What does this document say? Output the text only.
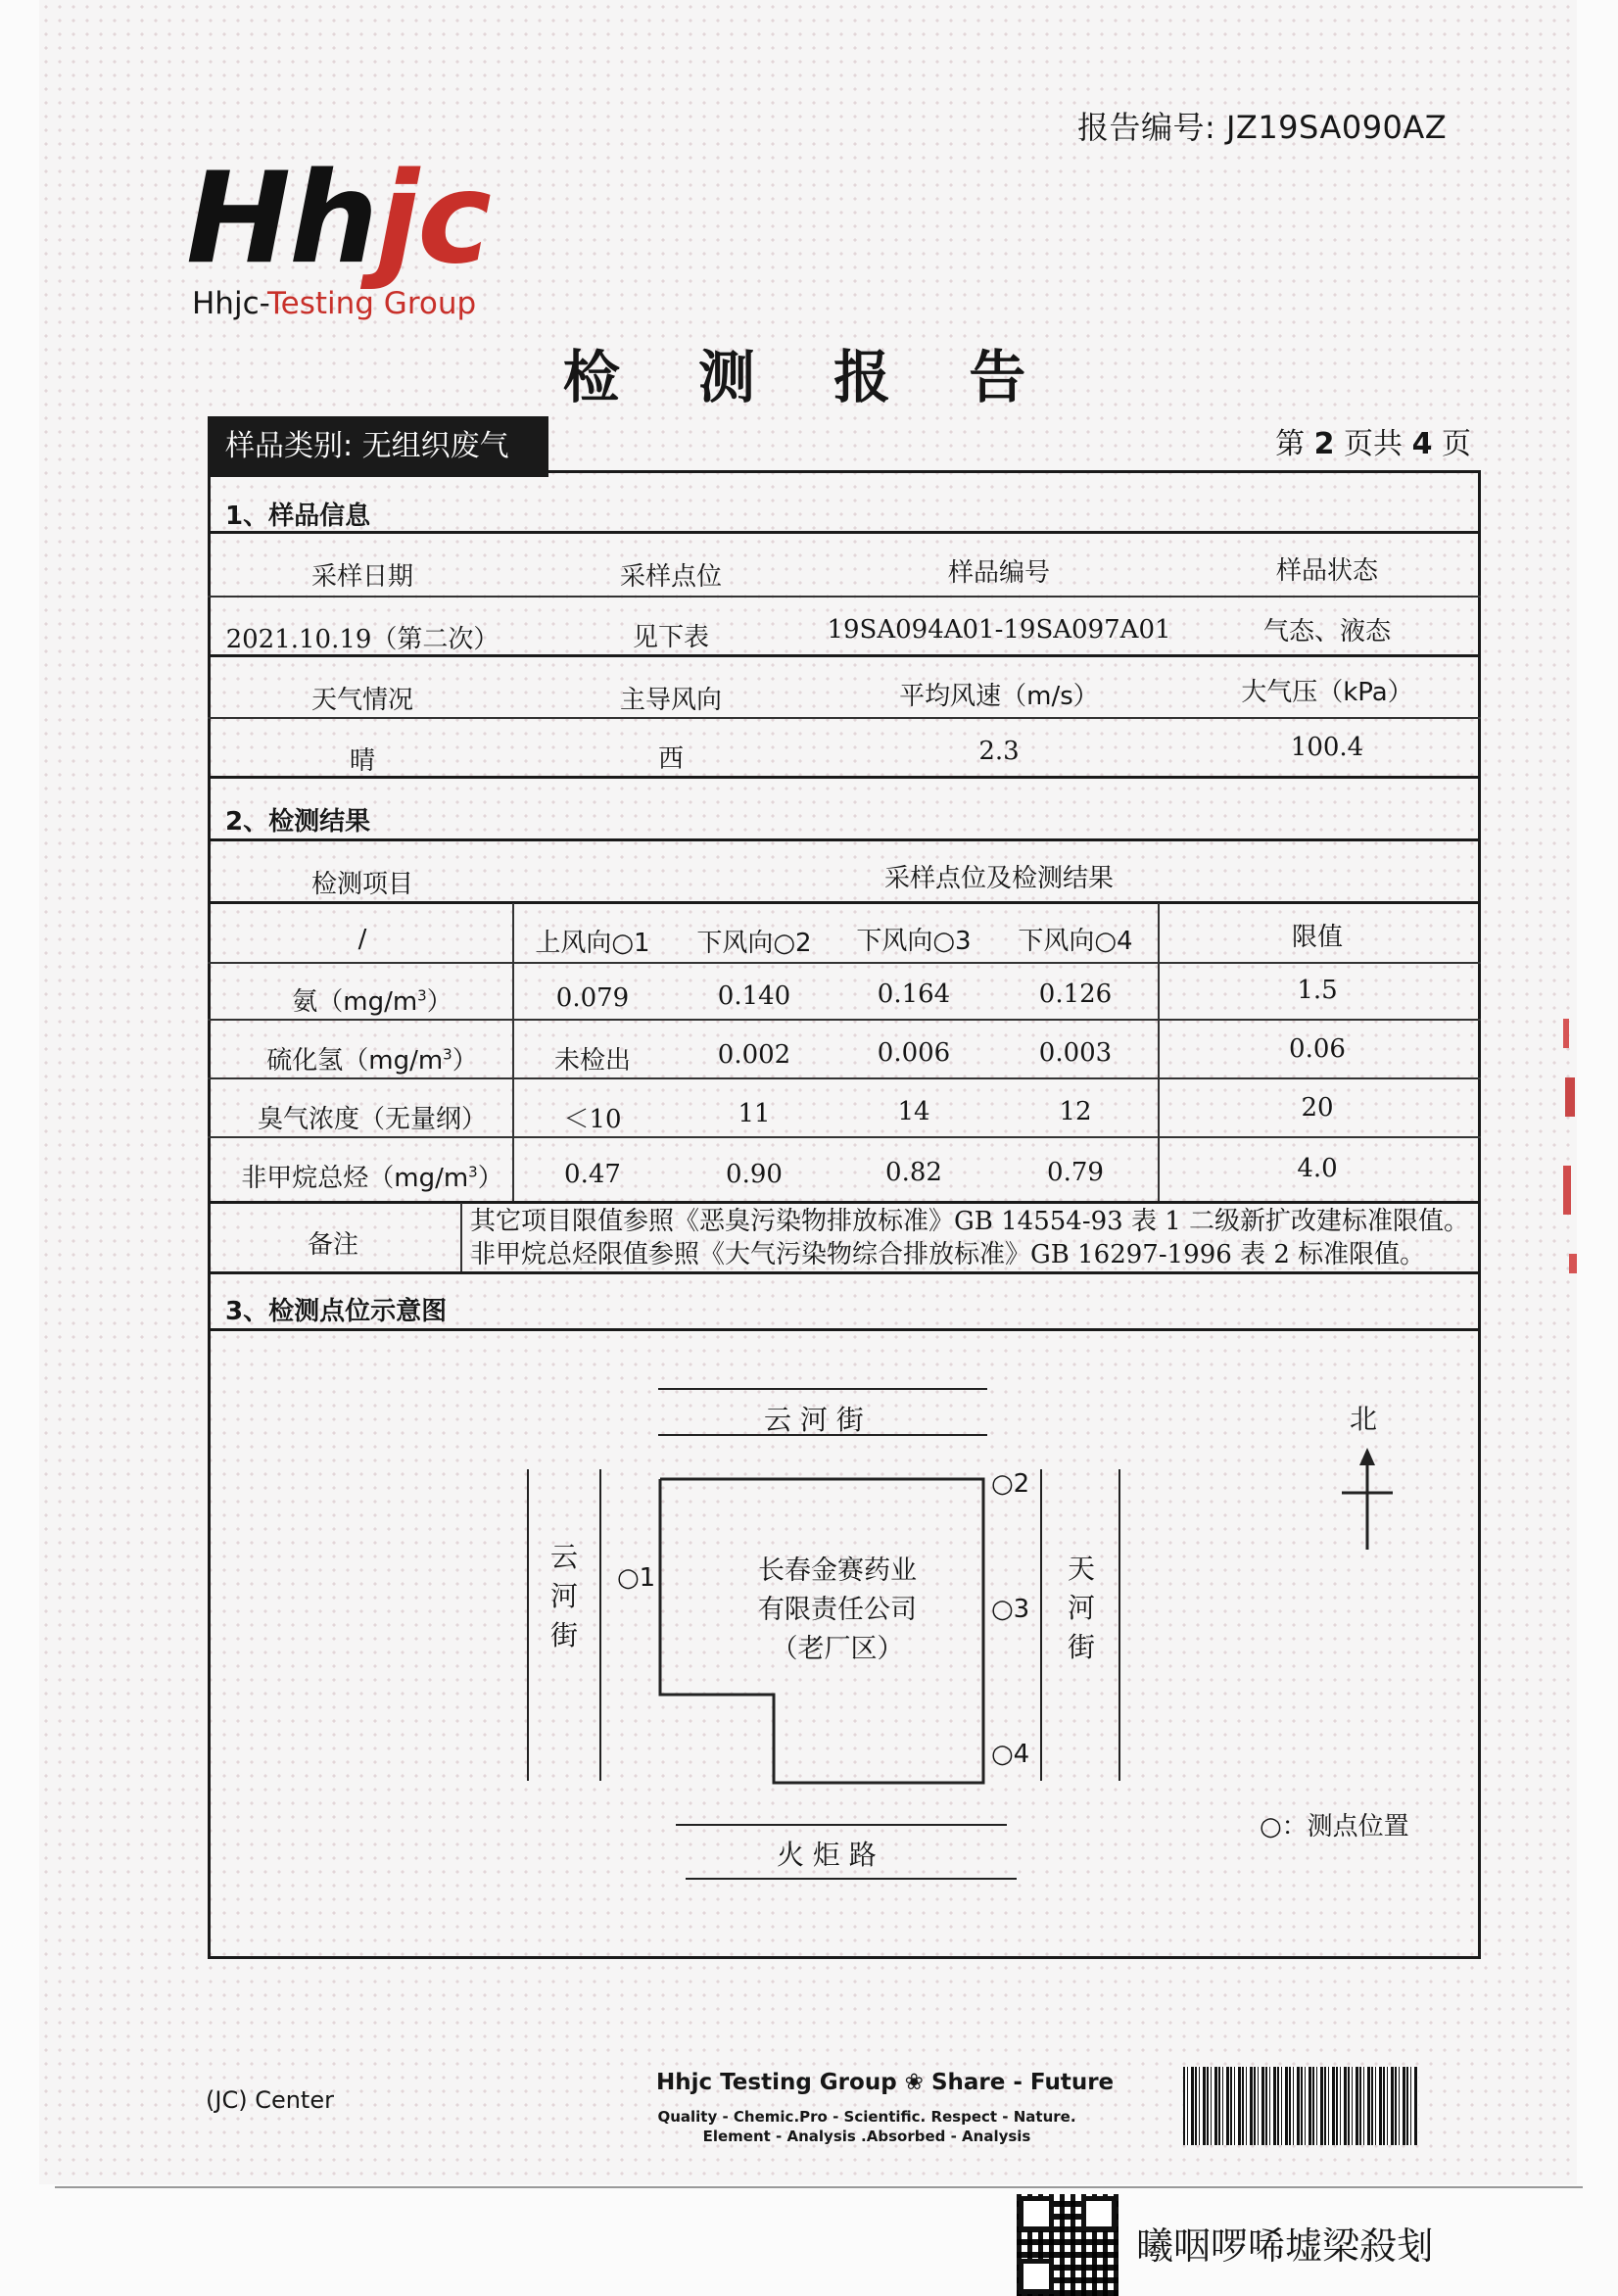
报告编号: JZ19SA090AZ
Hhjc
Hhjc-Testing Group
检 测 报 告
样品类别: 无组织废气	第 2 页共 4 页
1、样品信息
采样日期	采样点位	样品编号	样品状态
2021.10.19（第二次）	见下表	19SA094A01-19SA097A01	气态、液态
天气情况	主导风向	平均风速（m/s）	大气压（kPa）
晴	西	2.3	100.4
2、检测结果
检测项目	采样点位及检测结果
/	上风向○1	下风向○2	下风向○3	下风向○4	限值
氨$(mg/m^3)$	0.079	0.140	0.164	0.126	1.5
硫化氢$(mg/m^3)$	未检出	0.002	0.006	0.003	0.06
臭气浓度（无量纲）	＜10	11	14	12	20
非甲烷总烃$(mg/m^3)$	0.47	0.90	0.82	0.79	4.0
备注
其它项目限值参照《恶臭污染物排放标准》GB 14554-93 表 1 二级新扩改建标准限值。
非甲烷总烃限值参照《大气污染物综合排放标准》GB 16297-1996 表 2 标准限值。
3、检测点位示意图
云 河 街
云
河
街
天
河
街
火 炬 路
长春金赛药业
有限责任公司
（老厂区）
○2
○1
○3
○4
北
○：测点位置
(JC) Center
Hhjc Testing Group ❀ Share - Future
Quality - Chemic.Pro - Scientific. Respect - Nature.
Element - Analysis .Absorbed - Analysis
曦咽啰唏墟梁殺刬
